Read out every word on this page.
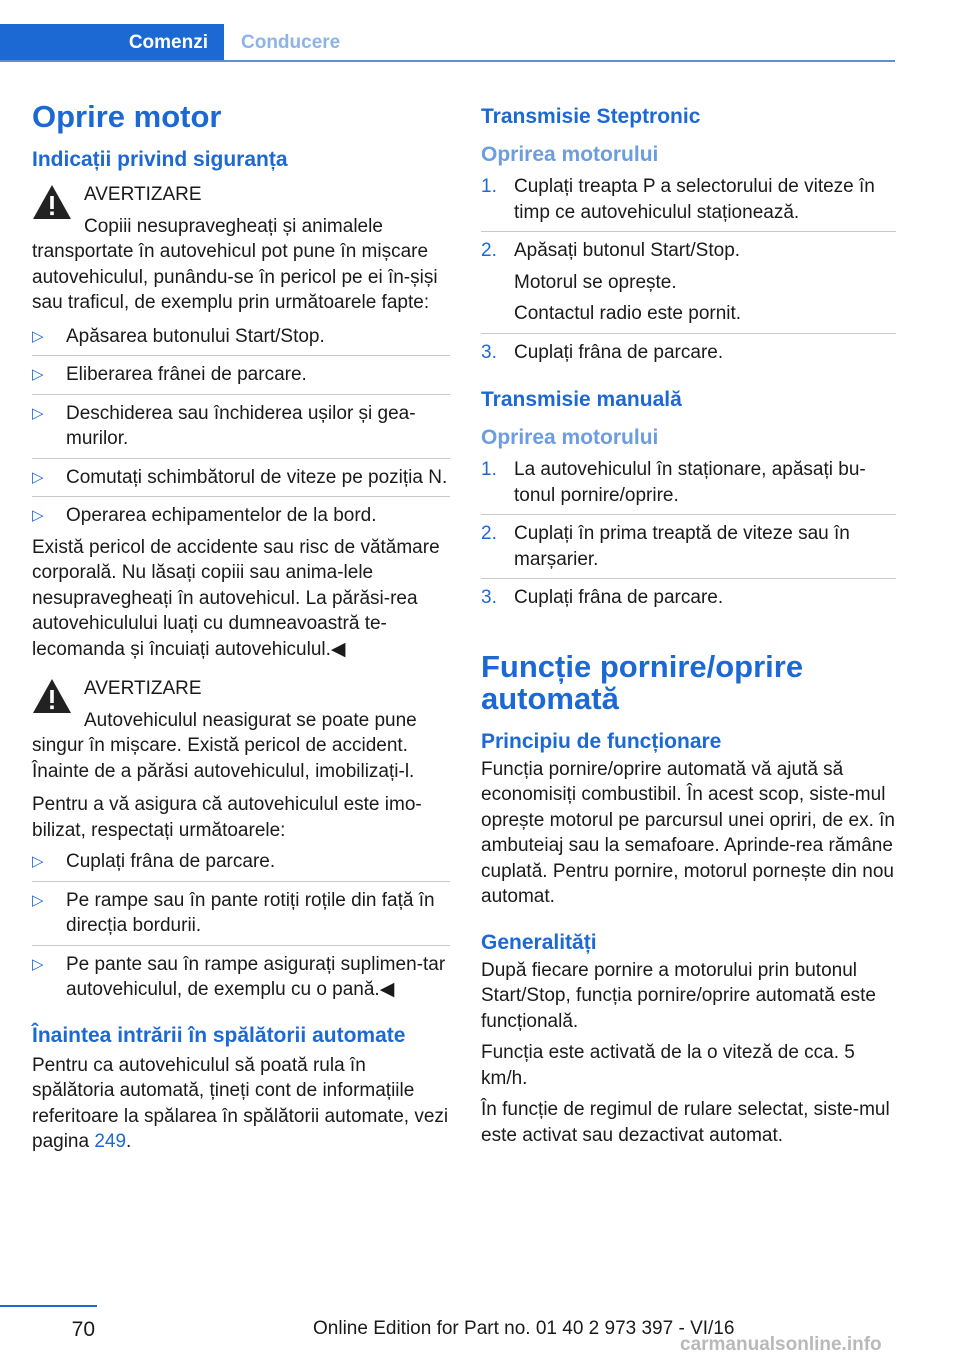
Comenzi Conducere
Oprire motor
Indicații privind siguranța
AVERTIZARE
Copiii nesupravegheați și animalele
transportate în autovehicul pot pune în mișcare autovehiculul, punându-se în pericol pe ei în-șiși sau traficul, de exemplu prin următoarele fapte:
▷ Apăsarea butonului Start/Stop.
▷ Eliberarea frânei de parcare.
▷ Deschiderea sau închiderea ușilor și gea-murilor.
▷ Comutați schimbătorul de viteze pe poziția N.
▷ Operarea echipamentelor de la bord.

Există pericol de accidente sau risc de vătămare corporală. Nu lăsați copiii sau anima-lele nesupravegheați în autovehicul. La părăsi-rea autovehiculului luați cu dumneavoastră te-lecomanda și încuiați autovehiculul.◀

AVERTIZARE
Autovehiculul neasigurat se poate pune
singur în mișcare. Există pericol de accident. Înainte de a părăsi autovehiculul, imobilizați-l.

Pentru a vă asigura că autovehiculul este imo-bilizat, respectați următoarele:

▷ Cuplați frâna de parcare.
▷ Pe rampe sau în pante rotiți roțile din față în direcția bordurii.
▷ Pe pante sau în rampe asigurați suplimen-tar autovehiculul, de exemplu cu o pană.◀
Înaintea intrării în spălătorii automate

Pentru ca autovehiculul să poată rula în spălătoria automată, țineți cont de informațiile referitoare la spălarea în spălătorii automate, vezi pagina 249.

Transmisie Steptronic
Oprirea motorului
1. Cuplați treapta P a selectorului de viteze în timp ce autovehiculul staționează.
2. Apăsați butonul Start/Stop.
Motorul se oprește.
Contactul radio este pornit.
3. Cuplați frâna de parcare.
Transmisie manuală
Oprirea motorului
1. La autovehiculul în staționare, apăsați bu-tonul pornire/oprire.
2. Cuplați în prima treaptă de viteze sau în marșarier.
3. Cuplați frâna de parcare.
Funcție pornire/oprire automată
Principiu de funcționare

Funcția pornire/oprire automată vă ajută să economisiți combustibil. În acest scop, siste-mul oprește motorul pe parcursul unei opriri, de ex. în ambuteiaj sau la semafoare. Aprinde-rea rămâne cuplată. Pentru pornire, motorul pornește din nou automat.

Generalități

După fiecare pornire a motorului prin butonul Start/Stop, funcția pornire/oprire automată este funcțională.

Funcția este activată de la o viteză de cca. 5 km/h.

În funcție de regimul de rulare selectat, siste-mul este activat sau dezactivat automat.

70	Online Edition for Part no. 01 40 2 973 397 - VI/16
carmanualsonline.info
